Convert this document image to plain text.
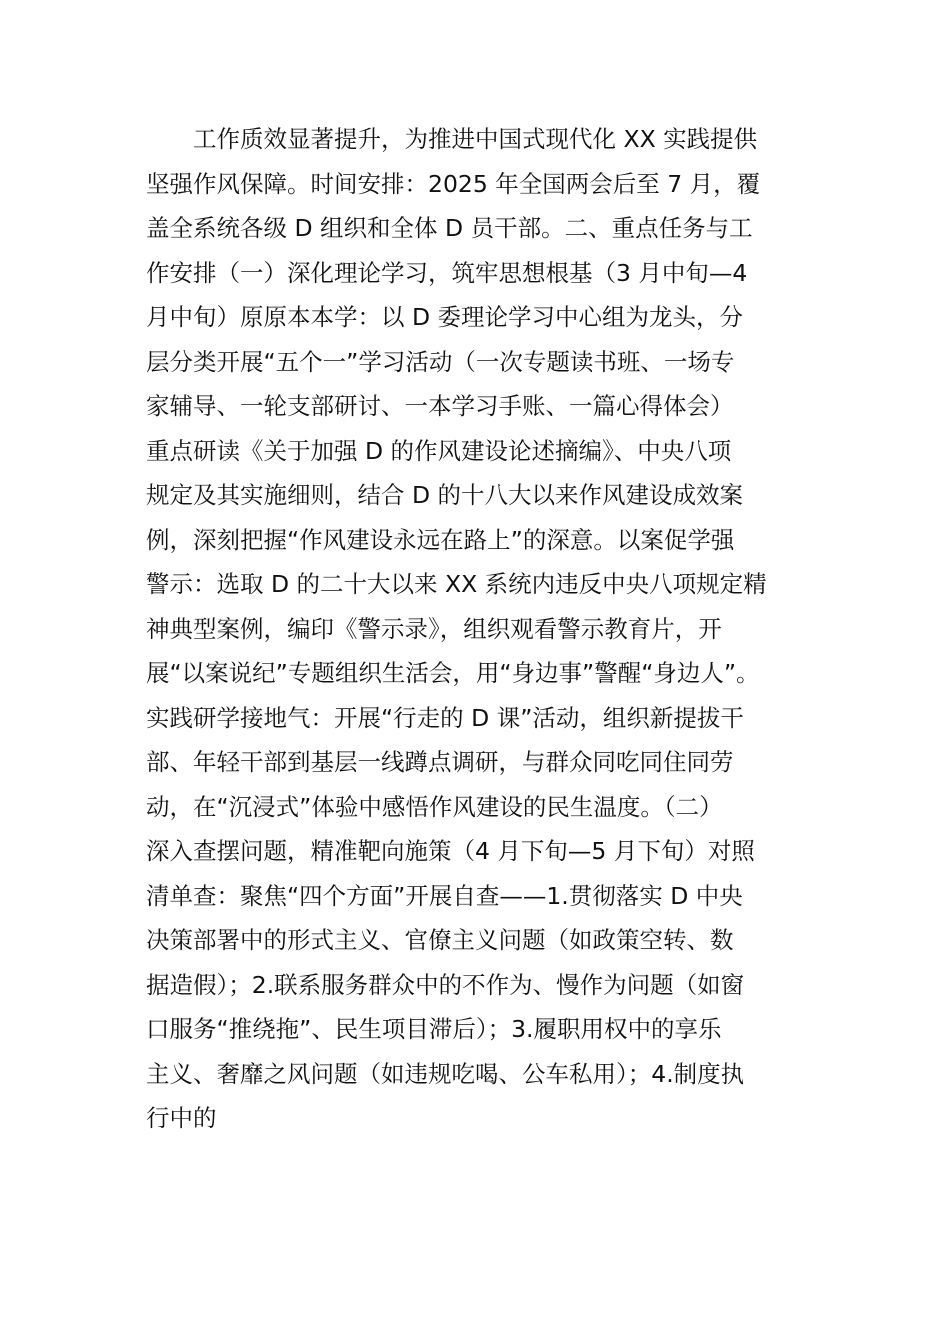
工作质效显著提升，为推进中国式现代化 XX 实践提供
坚强作风保障。时间安排：2025 年全国两会后至 7 月，覆
盖全系统各级 D 组织和全体 D 员干部。二、重点任务与工
作安排（一）深化理论学习，筑牢思想根基（3 月中旬—4
月中旬）原原本本学：以 D 委理论学习中心组为龙头，分
层分类开展“五个一”学习活动（一次专题读书班、一场专
家辅导、一轮支部研讨、一本学习手账、一篇心得体会）
重点研读《关于加强 D 的作风建设论述摘编》、中央八项
规定及其实施细则，结合 D 的十八大以来作风建设成效案
例，深刻把握“作风建设永远在路上”的深意。以案促学强
警示：选取 D 的二十大以来 XX 系统内违反中央八项规定精
神典型案例，编印《警示录》，组织观看警示教育片，开
展“以案说纪”专题组织生活会，用“身边事”警醒“身边人”。
实践研学接地气：开展“行走的 D 课”活动，组织新提拔干
部、年轻干部到基层一线蹲点调研，与群众同吃同住同劳
动，在“沉浸式”体验中感悟作风建设的民生温度。（二）
深入查摆问题，精准靶向施策（4 月下旬—5 月下旬）对照
清单查：聚焦“四个方面”开展自查——1.贯彻落实 D 中央
决策部署中的形式主义、官僚主义问题（如政策空转、数
据造假）；2.联系服务群众中的不作为、慢作为问题（如窗
口服务“推绕拖”、民生项目滞后）；3.履职用权中的享乐
主义、奢靡之风问题（如违规吃喝、公车私用）；4.制度执
行中的
